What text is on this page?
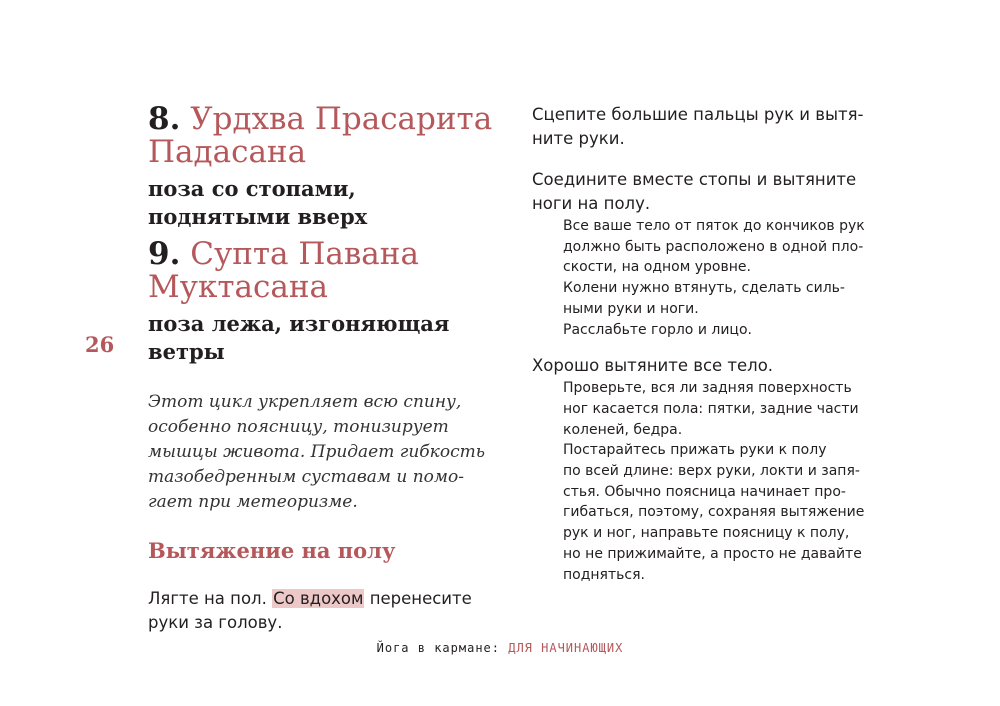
26
8. Урдхва Прасарита
Падасана
поза со стопами,
поднятыми вверх
9. Супта Павана
Муктасана
поза лежа, изгоняющая
ветры

Этот цикл укрепляет всю спину,
особенно поясницу, тонизирует
мышцы живота. Придает гибкость
тазобедренным суставам и помо-
гает при метеоризме.

Вытяжение на полу

Лягте на пол. Со вдохом перенесите
руки за голову.

Сцепите большие пальцы рук и вытя-
ните руки.

Соедините вместе стопы и вытяните
ноги на полу.

Все ваше тело от пяток до кончиков рук
должно быть расположено в одной пло-
скости, на одном уровне.
Колени нужно втянуть, сделать силь-
ными руки и ноги.
Расслабьте горло и лицо.

Хорошо вытяните все тело.

Проверьте, вся ли задняя поверхность
ног касается пола: пятки, задние части
коленей, бедра.
Постарайтесь прижать руки к полу
по всей длине: верх руки, локти и запя-
стья. Обычно поясница начинает про-
гибаться, поэтому, сохраняя вытяжение
рук и ног, направьте поясницу к полу,
но не прижимайте, а просто не давайте
подняться.

Йога в кармане: ДЛЯ НАЧИНАЮЩИХ
